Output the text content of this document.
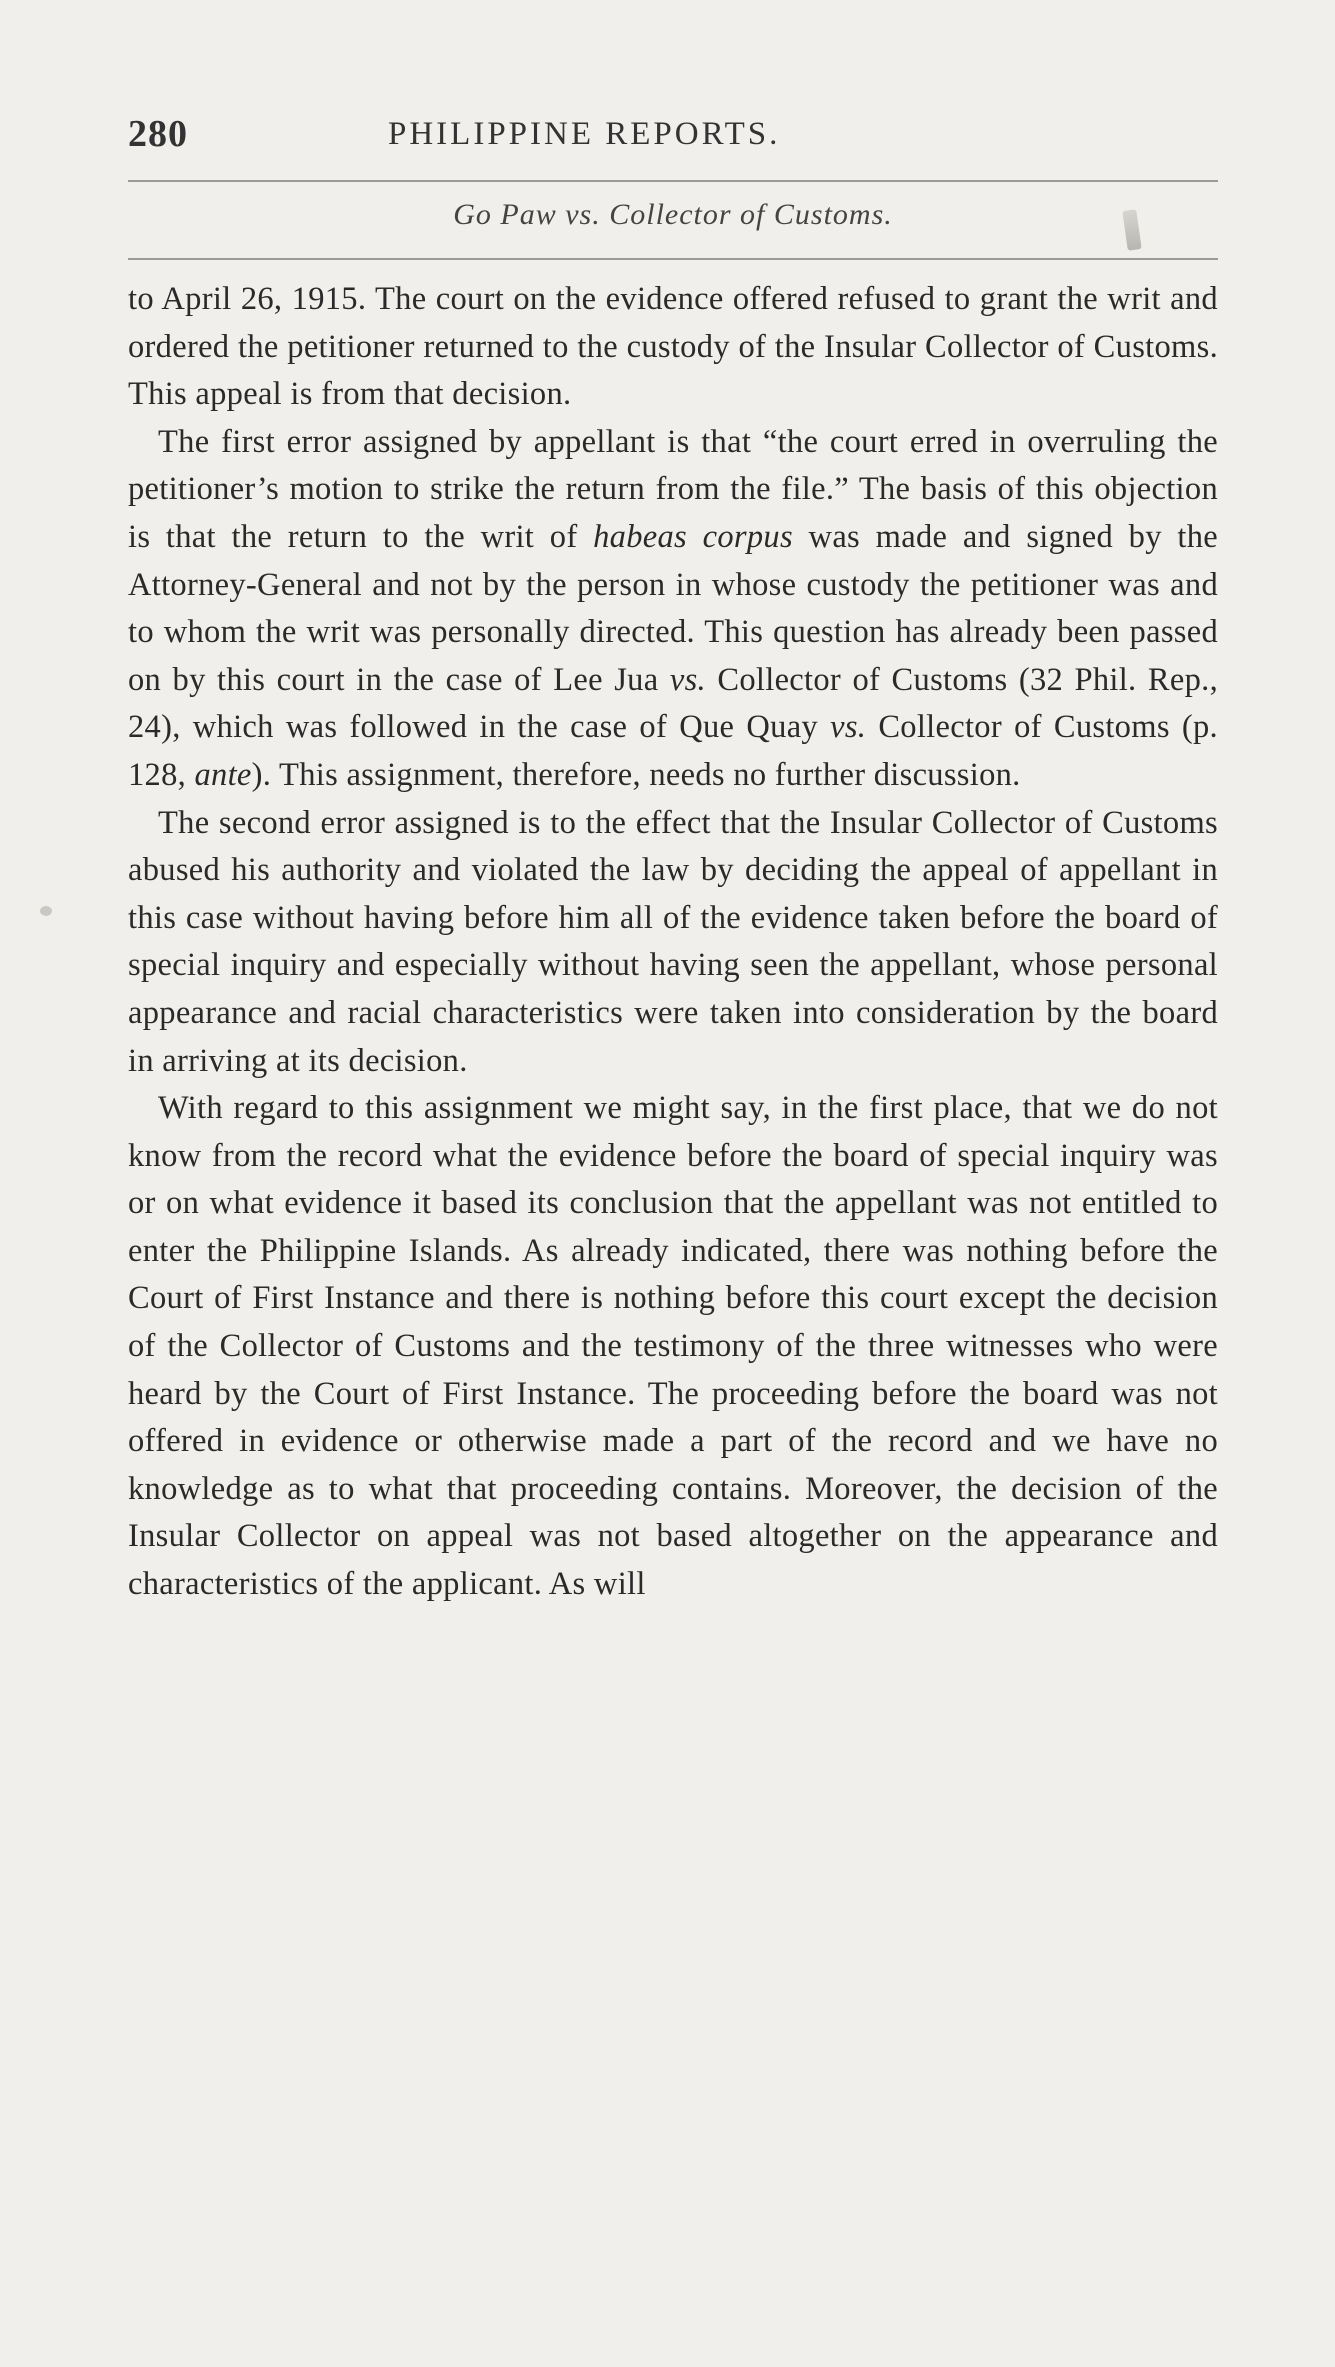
280	PHILIPPINE REPORTS.
Go Paw vs. Collector of Customs.

to April 26, 1915. The court on the evidence offered refused to grant the writ and ordered the petitioner returned to the custody of the Insular Collector of Customs. This appeal is from that decision.

The first error assigned by appellant is that “the court erred in overruling the petitioner’s motion to strike the return from the file.” The basis of this objection is that the return to the writ of habeas corpus was made and signed by the Attorney-General and not by the person in whose custody the petitioner was and to whom the writ was personally directed. This question has already been passed on by this court in the case of Lee Jua vs. Collector of Customs (32 Phil. Rep., 24), which was followed in the case of Que Quay vs. Collector of Customs (p. 128, ante). This assignment, therefore, needs no further discussion.

The second error assigned is to the effect that the Insular Collector of Customs abused his authority and violated the law by deciding the appeal of appellant in this case without having before him all of the evidence taken before the board of special inquiry and especially without having seen the appellant, whose personal appearance and racial characteristics were taken into consideration by the board in arriving at its decision.

With regard to this assignment we might say, in the first place, that we do not know from the record what the evidence before the board of special inquiry was or on what evidence it based its conclusion that the appellant was not entitled to enter the Philippine Islands. As already indicated, there was nothing before the Court of First Instance and there is nothing before this court except the decision of the Collector of Customs and the testimony of the three witnesses who were heard by the Court of First Instance. The proceeding before the board was not offered in evidence or otherwise made a part of the record and we have no knowledge as to what that proceeding contains. Moreover, the decision of the Insular Collector on appeal was not based altogether on the appearance and characteristics of the applicant. As will
